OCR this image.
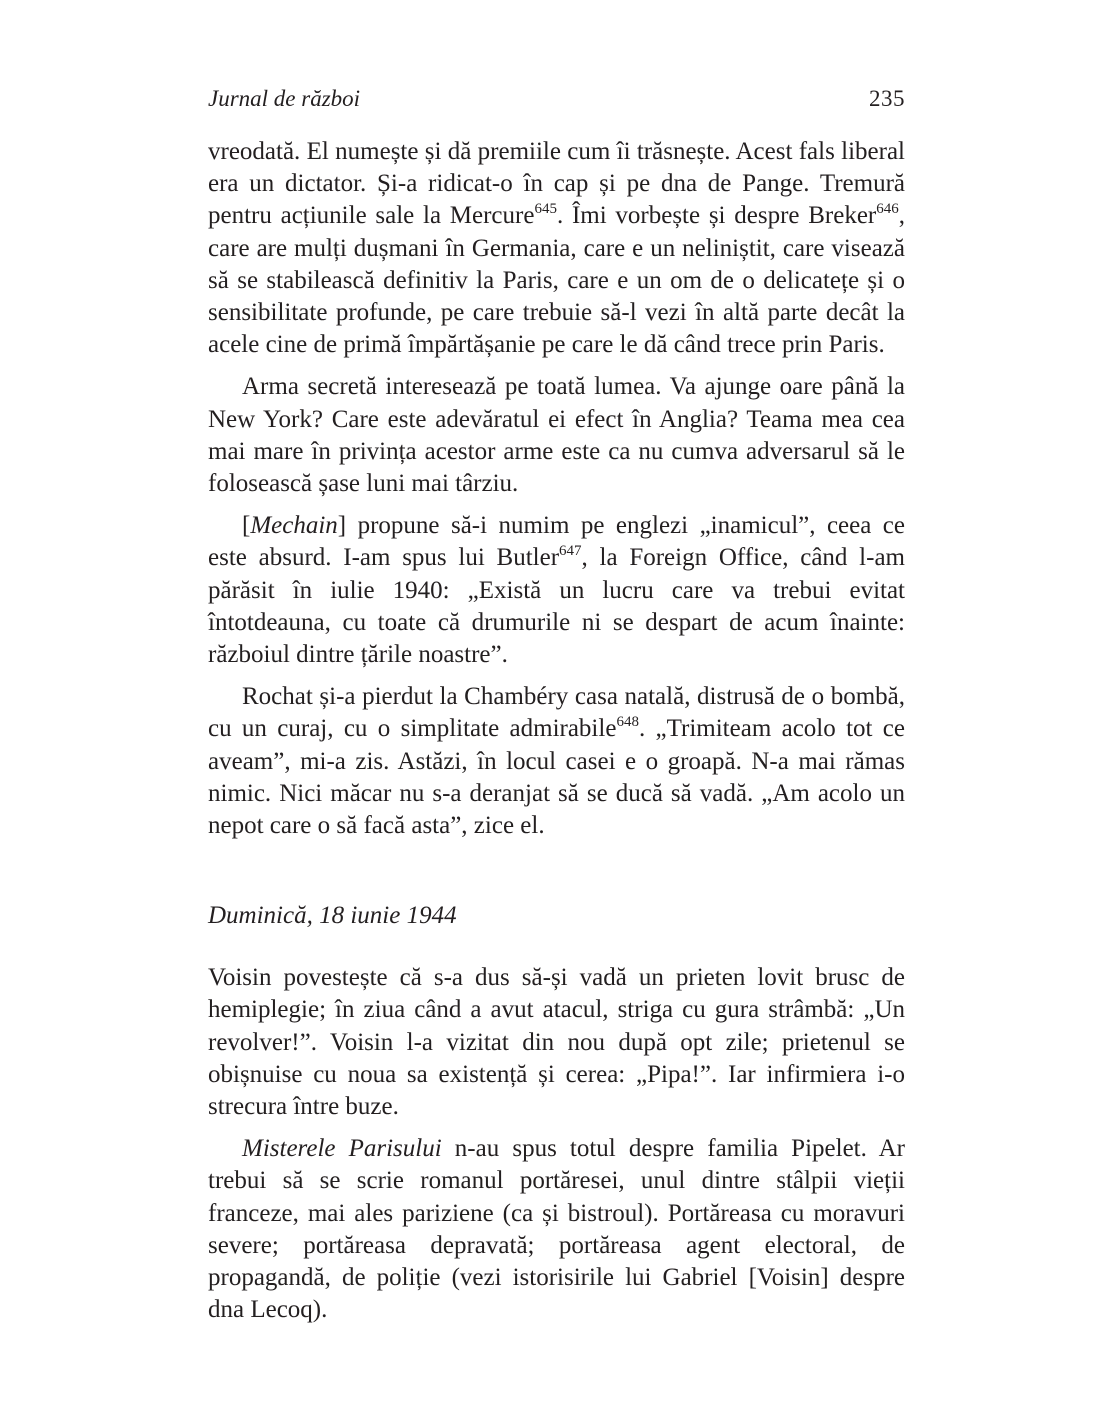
Jurnal de război	235

vreodată. El numește și dă premiile cum îi trăsnește. Acest fals liberal era un dictator. Și-a ridicat-o în cap și pe dna de Pange. Tremură pentru acțiunile sale la Mercure$^{645}$. Îmi vorbește și despre Breker$^{646}$, care are mulți dușmani în Germania, care e un neliniștit, care visează să se stabilească definitiv la Paris, care e un om de o delicatețe și o sensibilitate profunde, pe care trebuie să-l vezi în altă parte decât la acele cine de primă împărtășanie pe care le dă când trece prin Paris.

Arma secretă interesează pe toată lumea. Va ajunge oare până la New York? Care este adevăratul ei efect în Anglia? Teama mea cea mai mare în privința acestor arme este ca nu cumva adversarul să le folosească șase luni mai târziu.

[Mechain] propune să-i numim pe englezi „inamicul”, ceea ce este absurd. I-am spus lui Butler$^{647}$, la Foreign Office, când l-am părăsit în iulie 1940: „Există un lucru care va trebui evitat întotdeauna, cu toate că drumurile ni se despart de acum înainte: războiul dintre țările noastre”.

Rochat și-a pierdut la Chambéry casa natală, distrusă de o bombă, cu un curaj, cu o simplitate admirabile$^{648}$. „Trimiteam acolo tot ce aveam”, mi-a zis. Astăzi, în locul casei e o groapă. N-a mai rămas nimic. Nici măcar nu s-a deranjat să se ducă să vadă. „Am acolo un nepot care o să facă asta”, zice el.

Duminică, 18 iunie 1944

Voisin povestește că s-a dus să-și vadă un prieten lovit brusc de hemiplegie; în ziua când a avut atacul, striga cu gura strâmbă: „Un revolver!”. Voisin l-a vizitat din nou după opt zile; prietenul se obișnuise cu noua sa existență și cerea: „Pipa!”. Iar infirmiera i-o strecura între buze.

Misterele Parisului n-au spus totul despre familia Pipelet. Ar trebui să se scrie romanul portăresei, unul dintre stâlpii vieții franceze, mai ales pariziene (ca și bistroul). Portăreasa cu moravuri severe; portăreasa depravată; portăreasa agent electoral, de propagandă, de poliție (vezi istorisirile lui Gabriel [Voisin] despre dna Lecoq).
